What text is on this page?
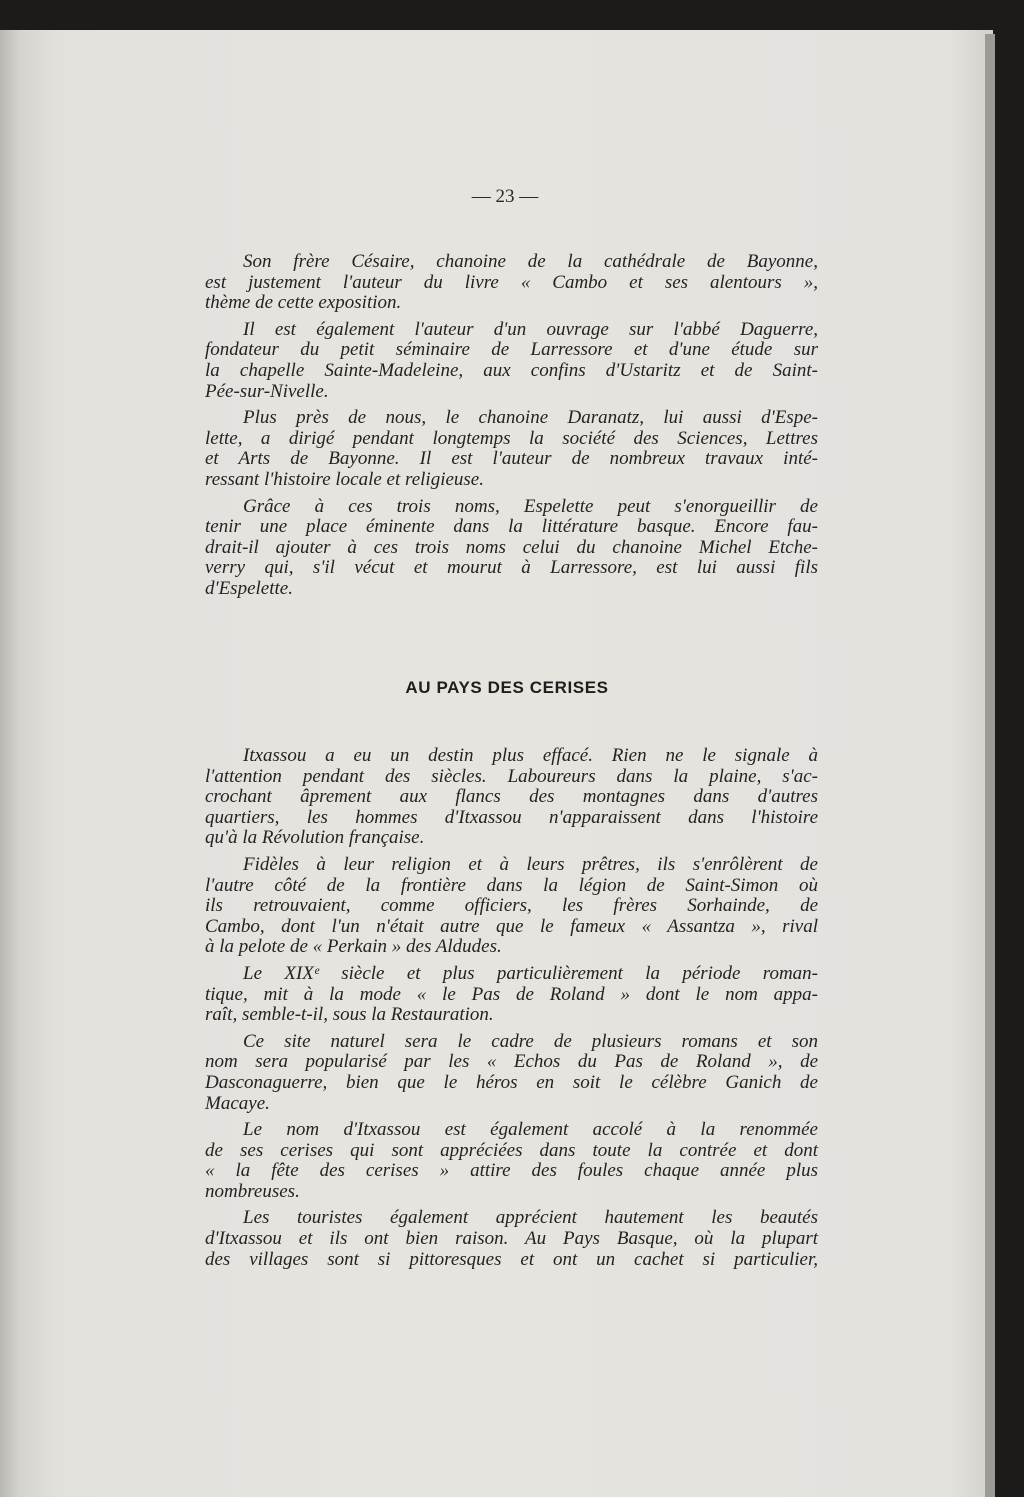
— 23 —
Son frère Césaire, chanoine de la cathédrale de Bayonne,
est justement l'auteur du livre « Cambo et ses alentours »,
thème de cette exposition.
Il est également l'auteur d'un ouvrage sur l'abbé Daguerre,
fondateur du petit séminaire de Larressore et d'une étude sur
la chapelle Sainte-Madeleine, aux confins d'Ustaritz et de Saint-
Pée-sur-Nivelle.
Plus près de nous, le chanoine Daranatz, lui aussi d'Espe-
lette, a dirigé pendant longtemps la société des Sciences, Lettres
et Arts de Bayonne. Il est l'auteur de nombreux travaux inté-
ressant l'histoire locale et religieuse.
Grâce à ces trois noms, Espelette peut s'enorgueillir de
tenir une place éminente dans la littérature basque. Encore fau-
drait-il ajouter à ces trois noms celui du chanoine Michel Etche-
verry qui, s'il vécut et mourut à Larressore, est lui aussi fils
d'Espelette.
AU PAYS DES CERISES
Itxassou a eu un destin plus effacé. Rien ne le signale à
l'attention pendant des siècles. Laboureurs dans la plaine, s'ac-
crochant âprement aux flancs des montagnes dans d'autres
quartiers, les hommes d'Itxassou n'apparaissent dans l'histoire
qu'à la Révolution française.
Fidèles à leur religion et à leurs prêtres, ils s'enrôlèrent de
l'autre côté de la frontière dans la légion de Saint-Simon où
ils retrouvaient, comme officiers, les frères Sorhainde, de
Cambo, dont l'un n'était autre que le fameux « Assantza », rival
à la pelote de « Perkain » des Aldudes.
Le XIXᵉ siècle et plus particulièrement la période roman-
tique, mit à la mode « le Pas de Roland » dont le nom appa-
raît, semble-t-il, sous la Restauration.
Ce site naturel sera le cadre de plusieurs romans et son
nom sera popularisé par les « Echos du Pas de Roland », de
Dasconaguerre, bien que le héros en soit le célèbre Ganich de
Macaye.
Le nom d'Itxassou est également accolé à la renommée
de ses cerises qui sont appréciées dans toute la contrée et dont
« la fête des cerises » attire des foules chaque année plus
nombreuses.
Les touristes également apprécient hautement les beautés
d'Itxassou et ils ont bien raison. Au Pays Basque, où la plupart
des villages sont si pittoresques et ont un cachet si particulier,
